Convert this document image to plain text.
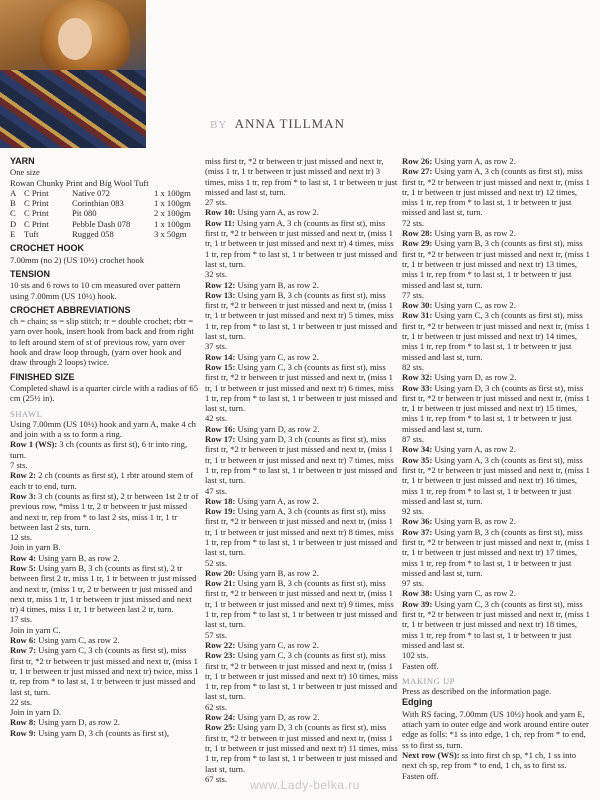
BY ANNA TILLMAN
YARN

One size

Rowan Chunky Print and Big Wool Tuft

A C Print	Native 072	1 x 100gm
B C Print	Corinthian 083	1 x 100gm
C C Print	Pit 080	2 x 100gm
D C Print	Pebble Dash 078	1 x 100gm
E	Tuft	Rugged 058	3 x 50gm
CROCHET HOOK

7.00mm (no 2) (US 10½) crochet hook

TENSION

10 sts and 6 rows to 10 cm measured over pattern using 7.00mm (US 10½) hook.

CROCHET ABBREVIATIONS

ch = chain; ss = slip stitch; tr = double crochet; rbtr = yarn over hook, insert hook from back and from right to left around stem of st of previous row, yarn over hook and draw loop through, (yarn over hook and draw through 2 loops) twice.

FINISHED SIZE

Completed shawl is a quarter circle with a radius of 65 cm (25½ in).

SHAWL

Using 7.00mm (US 10½) hook and yarn A, make 4 ch and join with a ss to form a ring.

Row 1 (WS): 3 ch (counts as first st), 6 tr into ring, turn.

7 sts.

Row 2: 2 ch (counts as first st), 1 rbtr around stem of each tr to end, turn.

Row 3: 3 ch (counts as first st), 2 tr between 1st 2 tr of previous row, *miss 1 tr, 2 tr between tr just missed and next tr, rep from * to last 2 sts, miss 1 tr, 1 tr between last 2 sts, turn.

12 sts.

Join in yarn B.

Row 4: Using yarn B, as row 2.

Row 5: Using yarn B, 3 ch (counts as first st), 2 tr between first 2 tr, miss 1 tr, 1 tr between tr just missed and next tr, (miss 1 tr, 2 tr between tr just missed and next tr, miss 1 tr, 1 tr between tr just missed and next tr) 4 times, miss 1 tr, 1 tr between last 2 tr, turn.

17 sts.

Join in yarn C.

Row 6: Using yarn C, as row 2.

Row 7: Using yarn C, 3 ch (counts as first st), miss first tr, *2 tr between tr just missed and next tr, (miss 1 tr, 1 tr between tr just missed and next tr) twice, miss 1 tr, rep from * to last st, 1 tr between tr just missed and last st, turn.

22 sts.

Join in yarn D.

Row 8: Using yarn D, as row 2.

Row 9: Using yarn D, 3 ch (counts as first st),

miss first tr, *2 tr between tr just missed and next tr, (miss 1 tr, 1 tr between tr just missed and next tr) 3 times, miss 1 tr, rep from * to last st, 1 tr between tr just missed and last st, turn.

27 sts.

Row 10: Using yarn A, as row 2.

Row 11: Using yarn A, 3 ch (counts as first st), miss first tr, *2 tr between tr just missed and next tr, (miss 1 tr, 1 tr between tr just missed and next tr) 4 times, miss 1 tr, rep from * to last st, 1 tr between tr just missed and last st, turn.

32 sts.

Row 12: Using yarn B, as row 2.

Row 13: Using yarn B, 3 ch (counts as first st), miss first tr, *2 tr between tr just missed and next tr, (miss 1 tr, 1 tr between tr just missed and next tr) 5 times, miss 1 tr, rep from * to last st, 1 tr between tr just missed and last st, turn.

37 sts.

Row 14: Using yarn C, as row 2.

Row 15: Using yarn C, 3 ch (counts as first st), miss first tr, *2 tr between tr just missed and next tr, (miss 1 tr, 1 tr between tr just missed and next tr) 6 times, miss 1 tr, rep from * to last st, 1 tr between tr just missed and last st, turn.

42 sts.

Row 16: Using yarn D, as row 2.

Row 17: Using yarn D, 3 ch (counts as first st), miss first tr, *2 tr between tr just missed and next tr, (miss 1 tr, 1 tr between tr just missed and next tr) 7 times, miss 1 tr, rep from * to last st, 1 tr between tr just missed and last st, turn.

47 sts.

Row 18: Using yarn A, as row 2.

Row 19: Using yarn A, 3 ch (counts as first st), miss first tr, *2 tr between tr just missed and next tr, (miss 1 tr, 1 tr between tr just missed and next tr) 8 times, miss 1 tr, rep from * to last st, 1 tr between tr just missed and last st, turn.

52 sts.

Row 20: Using yarn B, as row 2.

Row 21: Using yarn B, 3 ch (counts as first st), miss first tr, *2 tr between tr just missed and next tr, (miss 1 tr, 1 tr between tr just missed and next tr) 9 times, miss 1 tr, rep from * to last st, 1 tr between tr just missed and last st, turn.

57 sts.

Row 22: Using yarn C, as row 2.

Row 23: Using yarn C, 3 ch (counts as first st), miss first tr, *2 tr between tr just missed and next tr, (miss 1 tr, 1 tr between tr just missed and next tr) 10 times, miss 1 tr, rep from * to last st, 1 tr between tr just missed and last st, turn.

62 sts.

Row 24: Using yarn D, as row 2.

Row 25: Using yarn D, 3 ch (counts as first st), miss first tr, *2 tr between tr just missed and next tr, (miss 1 tr, 1 tr between tr just missed and next tr) 11 times, miss 1 tr, rep from * to last st, 1 tr between tr just missed and last st, turn.

67 sts.

Row 26: Using yarn A, as row 2.

Row 27: Using yarn A, 3 ch (counts as first st), miss first tr, *2 tr between tr just missed and next tr, (miss 1 tr, 1 tr between tr just missed and next tr) 12 times, miss 1 tr, rep from * to last st, 1 tr between tr just missed and last st, turn.

72 sts.

Row 28: Using yarn B, as row 2.

Row 29: Using yarn B, 3 ch (counts as first st), miss first tr, *2 tr between tr just missed and next tr, (miss 1 tr, 1 tr between tr just missed and next tr) 13 times, miss 1 tr, rep from * to last st, 1 tr between tr just missed and last st, turn.

77 sts.

Row 30: Using yarn C, as row 2.

Row 31: Using yarn C, 3 ch (counts as first st), miss first tr, *2 tr between tr just missed and next tr, (miss 1 tr, 1 tr between tr just missed and next tr) 14 times, miss 1 tr, rep from * to last st, 1 tr between tr just missed and last st, turn.

82 sts.

Row 32: Using yarn D, as row 2.

Row 33: Using yarn D, 3 ch (counts as first st), miss first tr, *2 tr between tr just missed and next tr, (miss 1 tr, 1 tr between tr just missed and next tr) 15 times, miss 1 tr, rep from * to last st, 1 tr between tr just missed and last st, turn.

87 sts.

Row 34: Using yarn A, as row 2.

Row 35: Using yarn A, 3 ch (counts as first st), miss first tr, *2 tr between tr just missed and next tr, (miss 1 tr, 1 tr between tr just missed and next tr) 16 times, miss 1 tr, rep from * to last st, 1 tr between tr just missed and last st, turn.

92 sts.

Row 36: Using yarn B, as row 2.

Row 37: Using yarn B, 3 ch (counts as first st), miss first tr, *2 tr between tr just missed and next tr, (miss 1 tr, 1 tr between tr just missed and next tr) 17 times, miss 1 tr, rep from * to last st, 1 tr between tr just missed and last st, turn.

97 sts.

Row 38: Using yarn C, as row 2.

Row 39: Using yarn C, 3 ch (counts as first st), miss first tr, *2 tr between tr just missed and next tr, (miss 1 tr, 1 tr between tr just missed and next tr) 18 times, miss 1 tr, rep from * to last st, 1 tr between tr just missed and last st.

102 sts.

Fasten off.

MAKING UP

Press as described on the information page.

Edging

With RS facing, 7.00mm (US 10½) hook and yarn E, attach yarn to outer edge and work around entire outer edge as folls: *1 ss into edge, 1 ch, rep from * to end, ss to first ss, turn.

Next row (WS): ss into first ch sp, *1 ch, 1 ss into next ch sp, rep from * to end, 1 ch, ss to first ss.

Fasten off.

www.Lady-belka.ru
